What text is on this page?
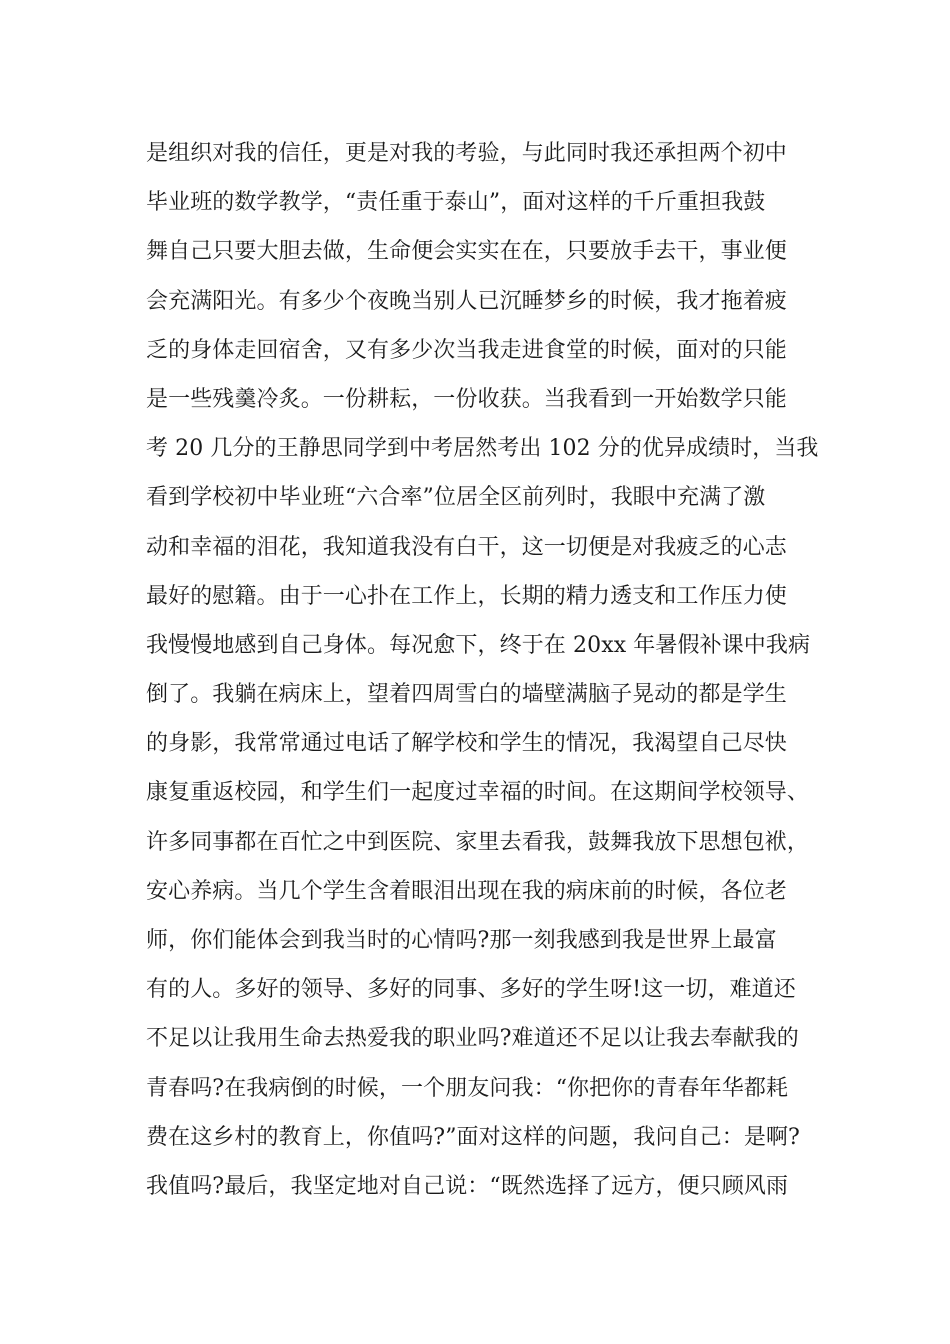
是组织对我的信任，更是对我的考验，与此同时我还承担两个初中
毕业班的数学教学，“责任重于泰山”，面对这样的千斤重担我鼓
舞自己只要大胆去做，生命便会实实在在，只要放手去干，事业便
会充满阳光。有多少个夜晚当别人已沉睡梦乡的时候，我才拖着疲
乏的身体走回宿舍，又有多少次当我走进食堂的时候，面对的只能
是一些残羹冷炙。一份耕耘，一份收获。当我看到一开始数学只能
考 20 几分的王静思同学到中考居然考出 102 分的优异成绩时，当我
看到学校初中毕业班“六合率”位居全区前列时，我眼中充满了激
动和幸福的泪花，我知道我没有白干，这一切便是对我疲乏的心志
最好的慰籍。由于一心扑在工作上，长期的精力透支和工作压力使
我慢慢地感到自己身体。每况愈下，终于在 20xx 年暑假补课中我病
倒了。我躺在病床上，望着四周雪白的墙壁满脑子晃动的都是学生
的身影，我常常通过电话了解学校和学生的情况，我渴望自己尽快
康复重返校园，和学生们一起度过幸福的时间。在这期间学校领导、
许多同事都在百忙之中到医院、家里去看我，鼓舞我放下思想包袱，
安心养病。当几个学生含着眼泪出现在我的病床前的时候，各位老
师，你们能体会到我当时的心情吗?那一刻我感到我是世界上最富
有的人。多好的领导、多好的同事、多好的学生呀!这一切，难道还
不足以让我用生命去热爱我的职业吗?难道还不足以让我去奉献我的
青春吗?在我病倒的时候，一个朋友问我：“你把你的青春年华都耗
费在这乡村的教育上，你值吗?”面对这样的问题，我问自己：是啊?
我值吗?最后，我坚定地对自己说：“既然选择了远方，便只顾风雨
